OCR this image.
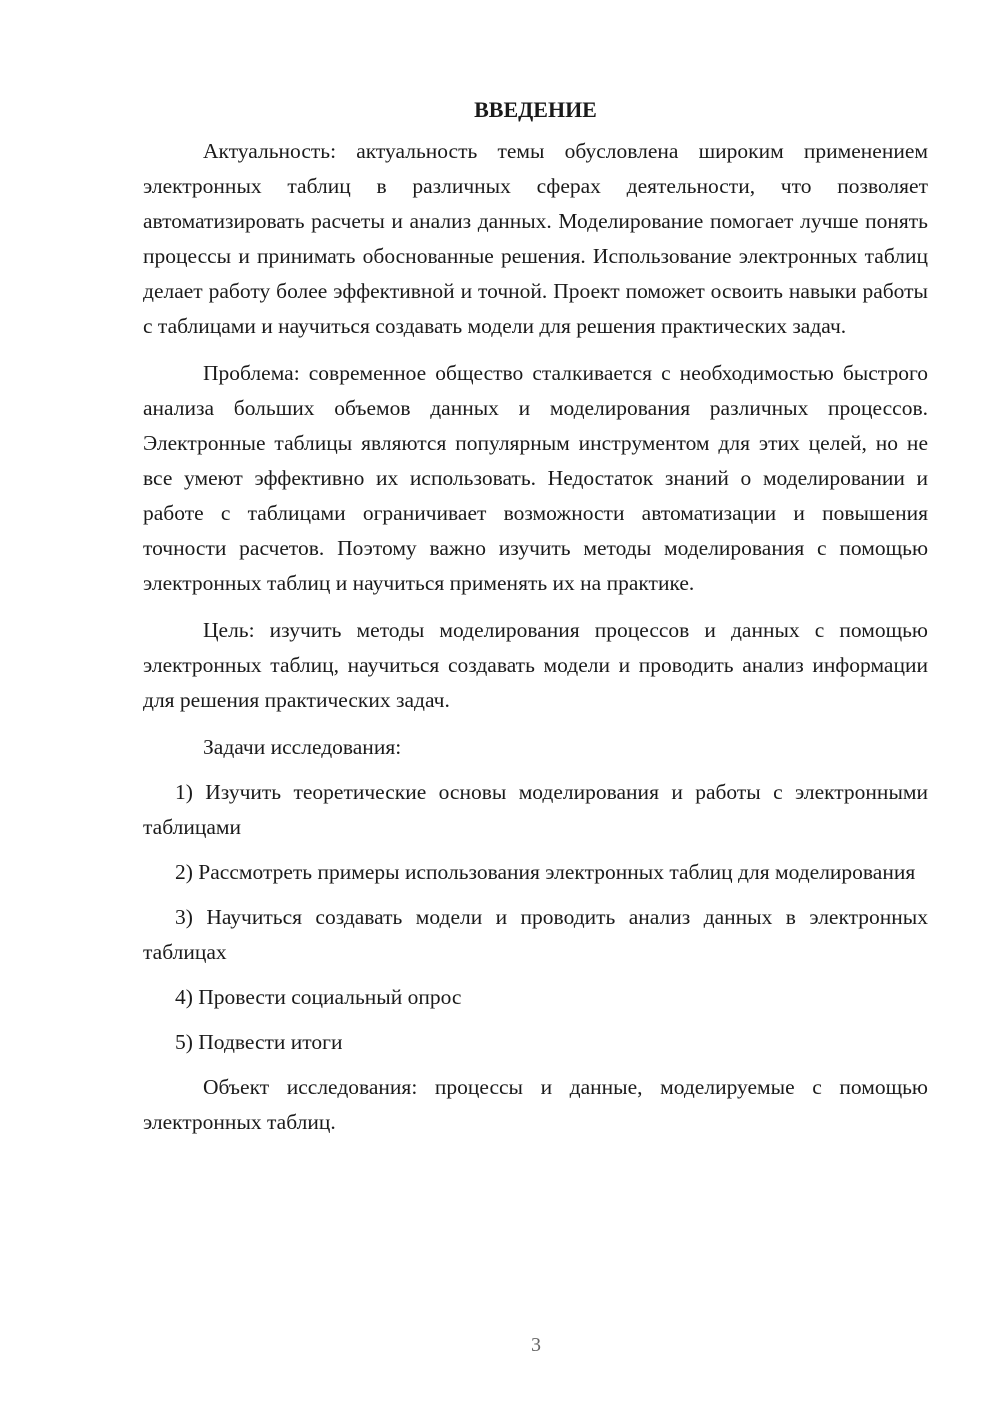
ВВЕДЕНИЕ

Актуальность: актуальность темы обусловлена широким применением электронных таблиц в различных сферах деятельности, что позволяет автоматизировать расчеты и анализ данных. Моделирование помогает лучше понять процессы и принимать обоснованные решения. Использование электронных таблиц делает работу более эффективной и точной. Проект поможет освоить навыки работы с таблицами и научиться создавать модели для решения практических задач.

Проблема: современное общество сталкивается с необходимостью быстрого анализа больших объемов данных и моделирования различных процессов. Электронные таблицы являются популярным инструментом для этих целей, но не все умеют эффективно их использовать. Недостаток знаний о моделировании и работе с таблицами ограничивает возможности автоматизации и повышения точности расчетов. Поэтому важно изучить методы моделирования с помощью электронных таблиц и научиться применять их на практике.

Цель: изучить методы моделирования процессов и данных с помощью электронных таблиц, научиться создавать модели и проводить анализ информации для решения практических задач.

Задачи исследования:

1) Изучить теоретические основы моделирования и работы с электронными таблицами

2) Рассмотреть примеры использования электронных таблиц для моделирования

3) Научиться создавать модели и проводить анализ данных в электронных таблицах

4) Провести социальный опрос

5) Подвести итоги

Объект исследования: процессы и данные, моделируемые с помощью электронных таблиц.

3
